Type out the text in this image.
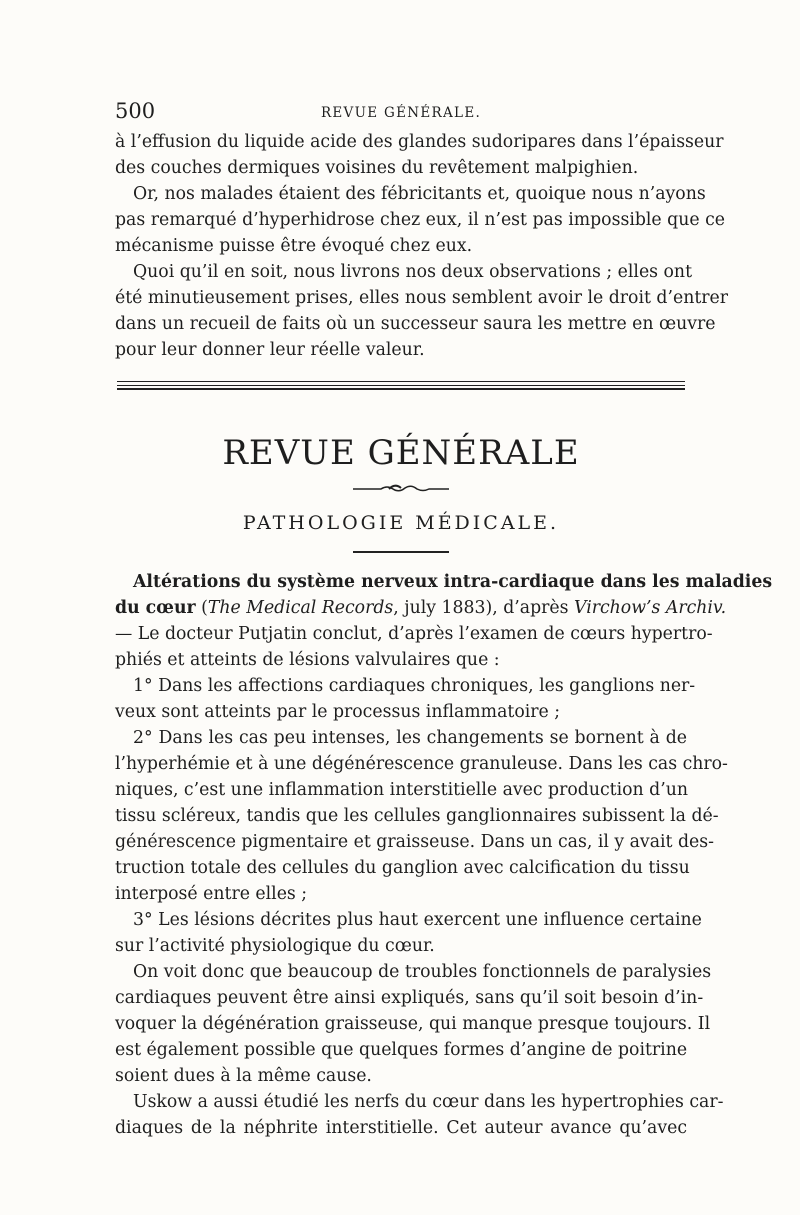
500	REVUE GÉNÉRALE.
à l’effusion du liquide acide des glandes sudoripares dans l’épaisseur
des couches dermiques voisines du revêtement malpighien.
Or, nos malades étaient des fébricitants et, quoique nous n’ayons
pas remarqué d’hyperhidrose chez eux, il n’est pas impossible que ce
mécanisme puisse être évoqué chez eux.
Quoi qu’il en soit, nous livrons nos deux observations ; elles ont
été minutieusement prises, elles nous semblent avoir le droit d’entrer
dans un recueil de faits où un successeur saura les mettre en œuvre
pour leur donner leur réelle valeur.
REVUE GÉNÉRALE
PATHOLOGIE MÉDICALE.
Altérations du système nerveux intra-cardiaque dans les maladies
du cœur (The Medical Records, july 1883), d’après Virchow’s Archiv.
— Le docteur Putjatin conclut, d’après l’examen de cœurs hypertro-
phiés et atteints de lésions valvulaires que :
1° Dans les affections cardiaques chroniques, les ganglions ner-
veux sont atteints par le processus inflammatoire ;
2° Dans les cas peu intenses, les changements se bornent à de
l’hyperhémie et à une dégénérescence granuleuse. Dans les cas chro-
niques, c’est une inflammation interstitielle avec production d’un
tissu scléreux, tandis que les cellules ganglionnaires subissent la dé-
générescence pigmentaire et graisseuse. Dans un cas, il y avait des-
truction totale des cellules du ganglion avec calcification du tissu
interposé entre elles ;
3° Les lésions décrites plus haut exercent une influence certaine
sur l’activité physiologique du cœur.
On voit donc que beaucoup de troubles fonctionnels de paralysies
cardiaques peuvent être ainsi expliqués, sans qu’il soit besoin d’in-
voquer la dégénération graisseuse, qui manque presque toujours. Il
est également possible que quelques formes d’angine de poitrine
soient dues à la même cause.
Uskow a aussi étudié les nerfs du cœur dans les hypertrophies car-
diaques de la néphrite interstitielle. Cet auteur avance qu’avec
